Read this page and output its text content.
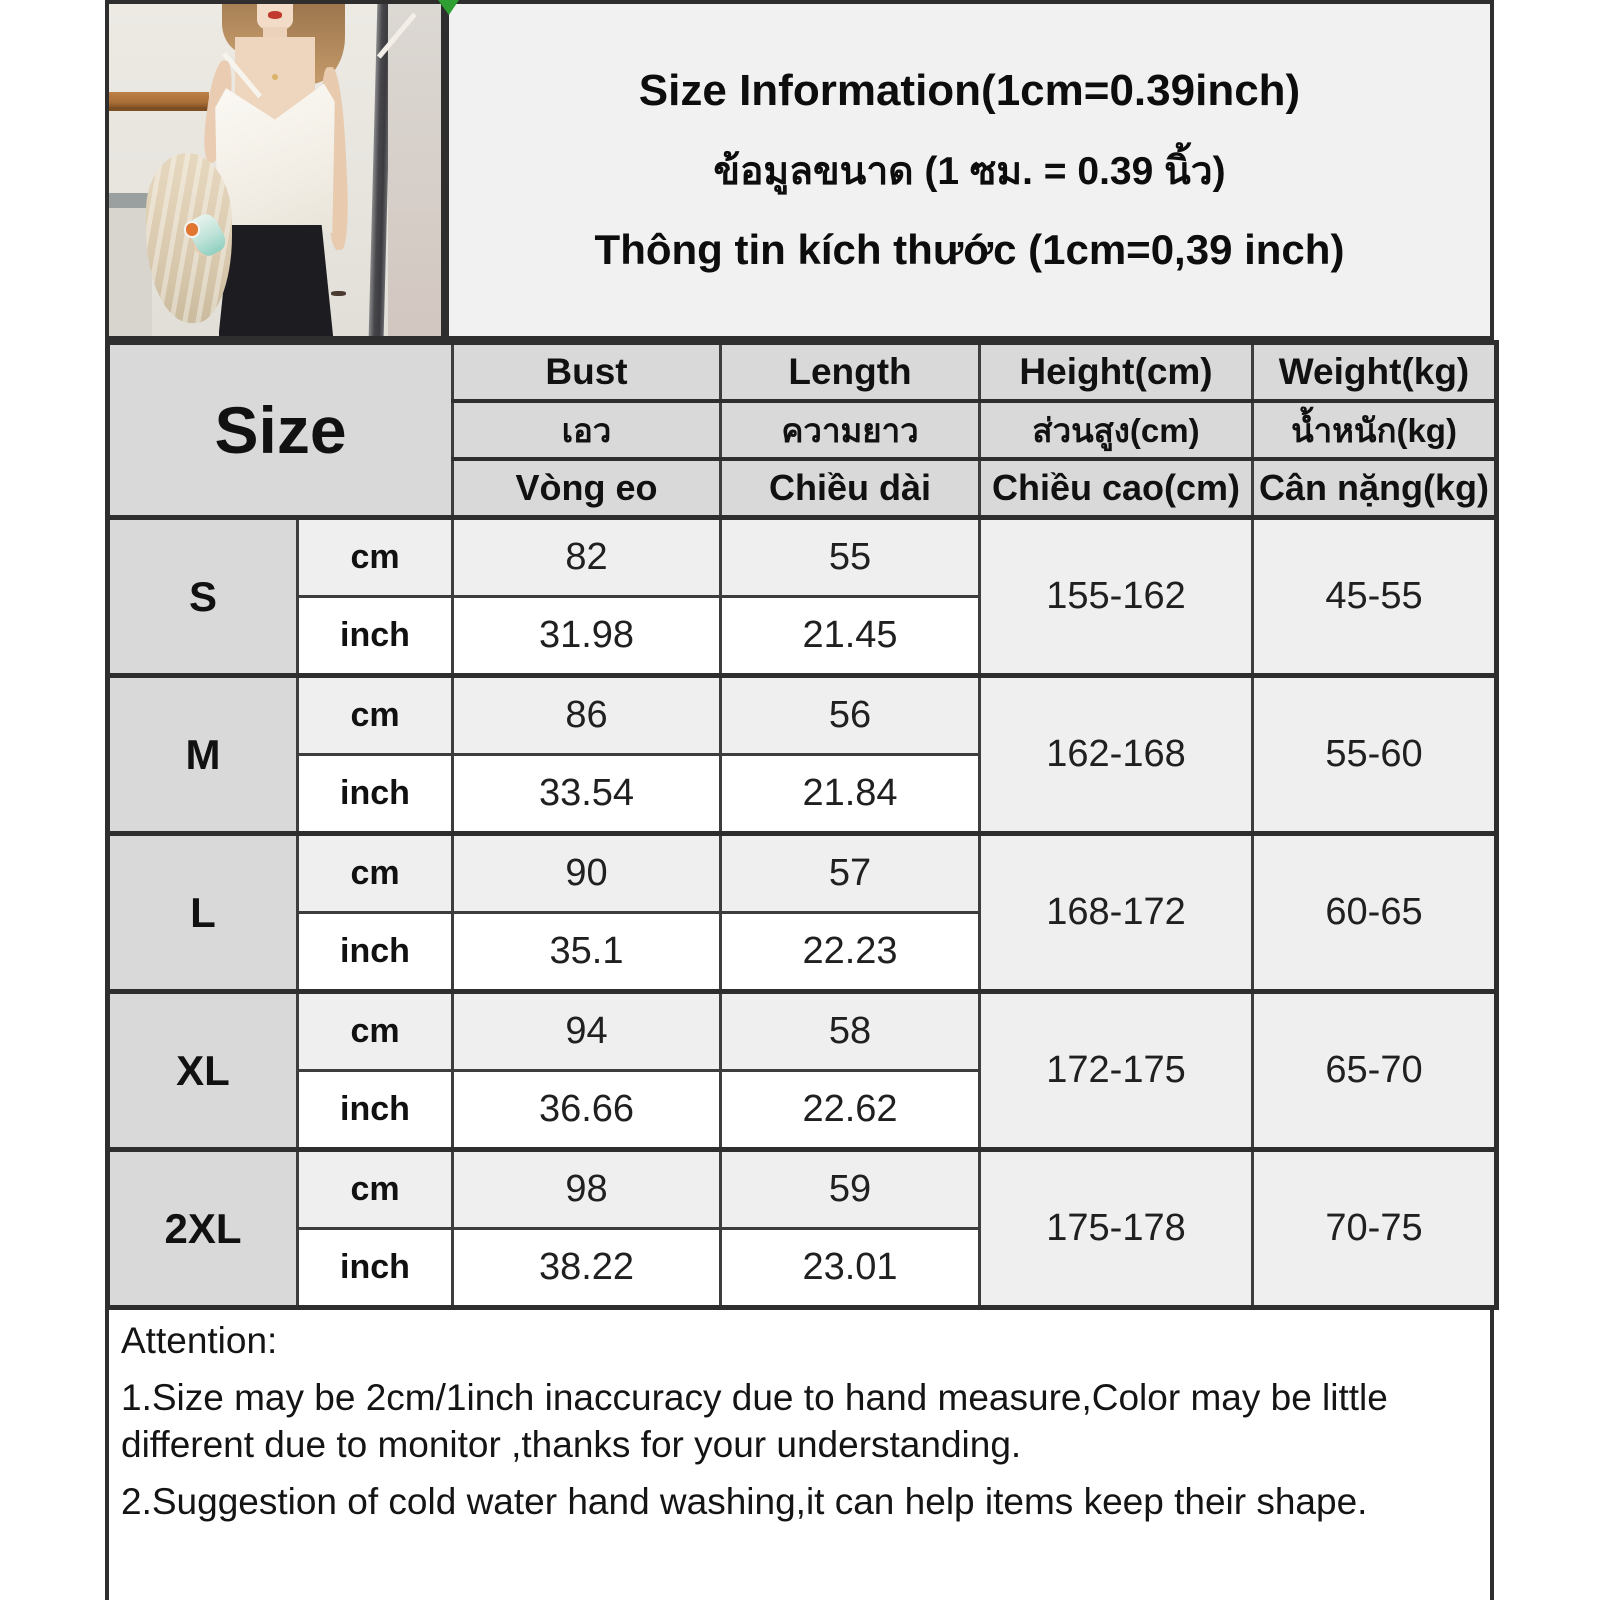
Size Information(1cm=0.39inch)
ข้อมูลขนาด (1 ซม. = 0.39 นิ้ว)
Thông tin kích thước (1cm=0,39 inch)
Size		Bust	Length	Height(cm)	Weight(kg)
		เอว	ความยาว	ส่วนสูง(cm)	น้ำหนัก(kg)
		Vòng eo	Chiều dài	Chiều cao(cm)	Cân nặng(kg)
S	cm	82	55	155-162	45-55
	inch	31.98	21.45		
M	cm	86	56	162-168	55-60
	inch	33.54	21.84		
L	cm	90	57	168-172	60-65
	inch	35.1	22.23		
XL	cm	94	58	172-175	65-70
	inch	36.66	22.62		
2XL	cm	98	59	175-178	70-75
	inch	38.22	23.01		
Attention:
1.Size may be 2cm/1inch inaccuracy due to hand measure,Color may be little different due to monitor ,thanks for your understanding.
2.Suggestion of cold water hand washing,it can help items keep their shape.
